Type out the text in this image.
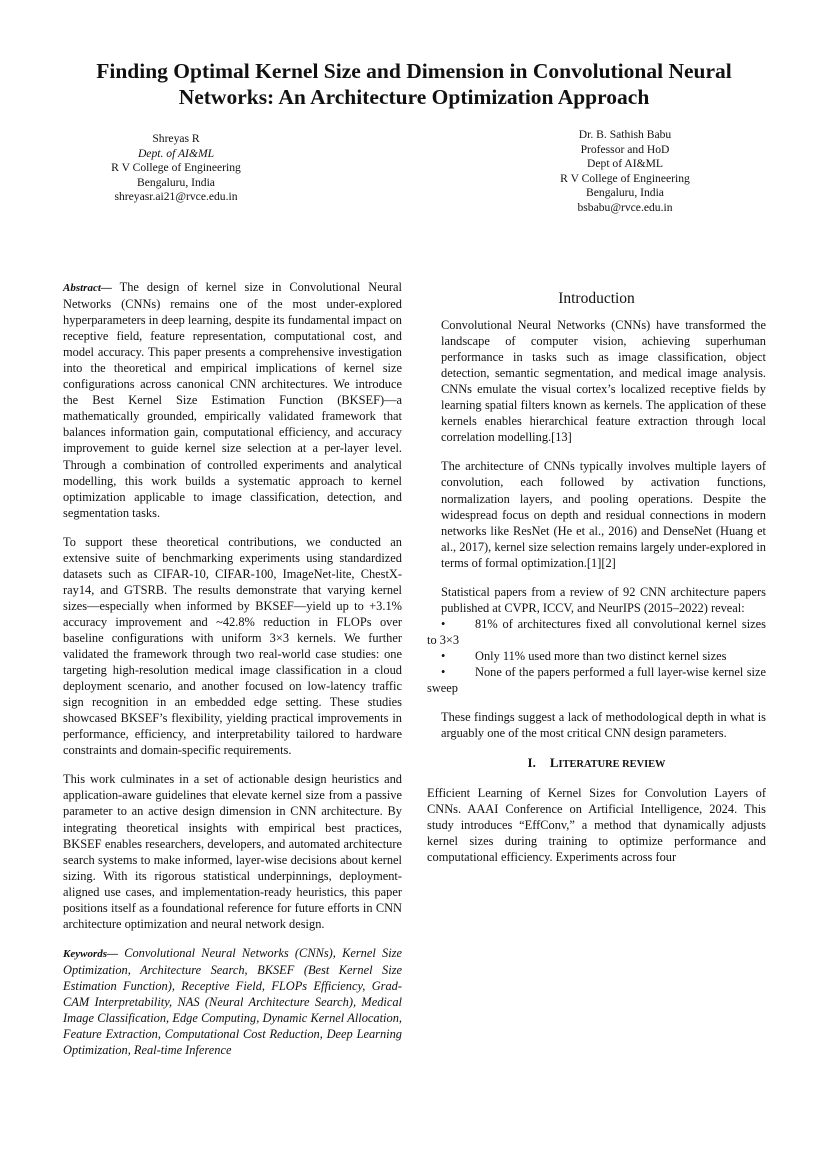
Finding Optimal Kernel Size and Dimension in Convolutional Neural Networks: An Architecture Optimization Approach
Shreyas R
Dept. of AI&ML
R V College of Engineering
Bengaluru, India
shreyasr.ai21@rvce.edu.in
Dr. B. Sathish Babu
Professor and HoD
Dept of AI&ML
R V College of Engineering
Bengaluru, India
bsbabu@rvce.edu.in

Abstract— The design of kernel size in Convolutional Neural Networks (CNNs) remains one of the most under-explored hyperparameters in deep learning, despite its fundamental impact on receptive field, feature representation, computational cost, and model accuracy. This paper presents a comprehensive investigation into the theoretical and empirical implications of kernel size configurations across canonical CNN architectures. We introduce the Best Kernel Size Estimation Function (BKSEF)—a mathematically grounded, empirically validated framework that balances information gain, computational efficiency, and accuracy improvement to guide kernel size selection at a per-layer level. Through a combination of controlled experiments and analytical modelling, this work builds a systematic approach to kernel optimization applicable to image classification, detection, and segmentation tasks.

To support these theoretical contributions, we conducted an extensive suite of benchmarking experiments using standardized datasets such as CIFAR-10, CIFAR-100, ImageNet-lite, ChestX-ray14, and GTSRB. The results demonstrate that varying kernel sizes—especially when informed by BKSEF—yield up to +3.1% accuracy improvement and ~42.8% reduction in FLOPs over baseline configurations with uniform 3×3 kernels. We further validated the framework through two real-world case studies: one targeting high-resolution medical image classification in a cloud deployment scenario, and another focused on low-latency traffic sign recognition in an embedded edge setting. These studies showcased BKSEF’s flexibility, yielding practical improvements in performance, efficiency, and interpretability tailored to hardware constraints and domain-specific requirements.

This work culminates in a set of actionable design heuristics and application-aware guidelines that elevate kernel size from a passive parameter to an active design dimension in CNN architecture. By integrating theoretical insights with empirical best practices, BKSEF enables researchers, developers, and automated architecture search systems to make informed, layer-wise decisions about kernel sizing. With its rigorous statistical underpinnings, deployment-aligned use cases, and implementation-ready heuristics, this paper positions itself as a foundational reference for future efforts in CNN architecture optimization and neural network design.

Keywords— Convolutional Neural Networks (CNNs), Kernel Size Optimization, Architecture Search, BKSEF (Best Kernel Size Estimation Function), Receptive Field, FLOPs Efficiency, Grad-CAM Interpretability, NAS (Neural Architecture Search), Medical Image Classification, Edge Computing, Dynamic Kernel Allocation, Feature Extraction, Computational Cost Reduction, Deep Learning Optimization, Real-time Inference

Introduction

Convolutional Neural Networks (CNNs) have transformed the landscape of computer vision, achieving superhuman performance in tasks such as image classification, object detection, semantic segmentation, and medical image analysis. CNNs emulate the visual cortex’s localized receptive fields by learning spatial filters known as kernels. The application of these kernels enables hierarchical feature extraction through local correlation modelling.[13]

The architecture of CNNs typically involves multiple layers of convolution, each followed by activation functions, normalization layers, and pooling operations. Despite the widespread focus on depth and residual connections in modern networks like ResNet (He et al., 2016) and DenseNet (Huang et al., 2017), kernel size selection remains largely under-explored in terms of formal optimization.[1][2]

Statistical papers from a review of 92 CNN architecture papers published at CVPR, ICCV, and NeurIPS (2015–2022) reveal:

• 81% of architectures fixed all convolutional kernel sizes to 3×3

• Only 11% used more than two distinct kernel sizes

• None of the papers performed a full layer-wise kernel size sweep

These findings suggest a lack of methodological depth in what is arguably one of the most critical CNN design parameters.

I. LITERATURE REVIEW

Efficient Learning of Kernel Sizes for Convolution Layers of CNNs. AAAI Conference on Artificial Intelligence, 2024. This study introduces “EffConv,” a method that dynamically adjusts kernel sizes during training to optimize performance and computational efficiency. Experiments across four
